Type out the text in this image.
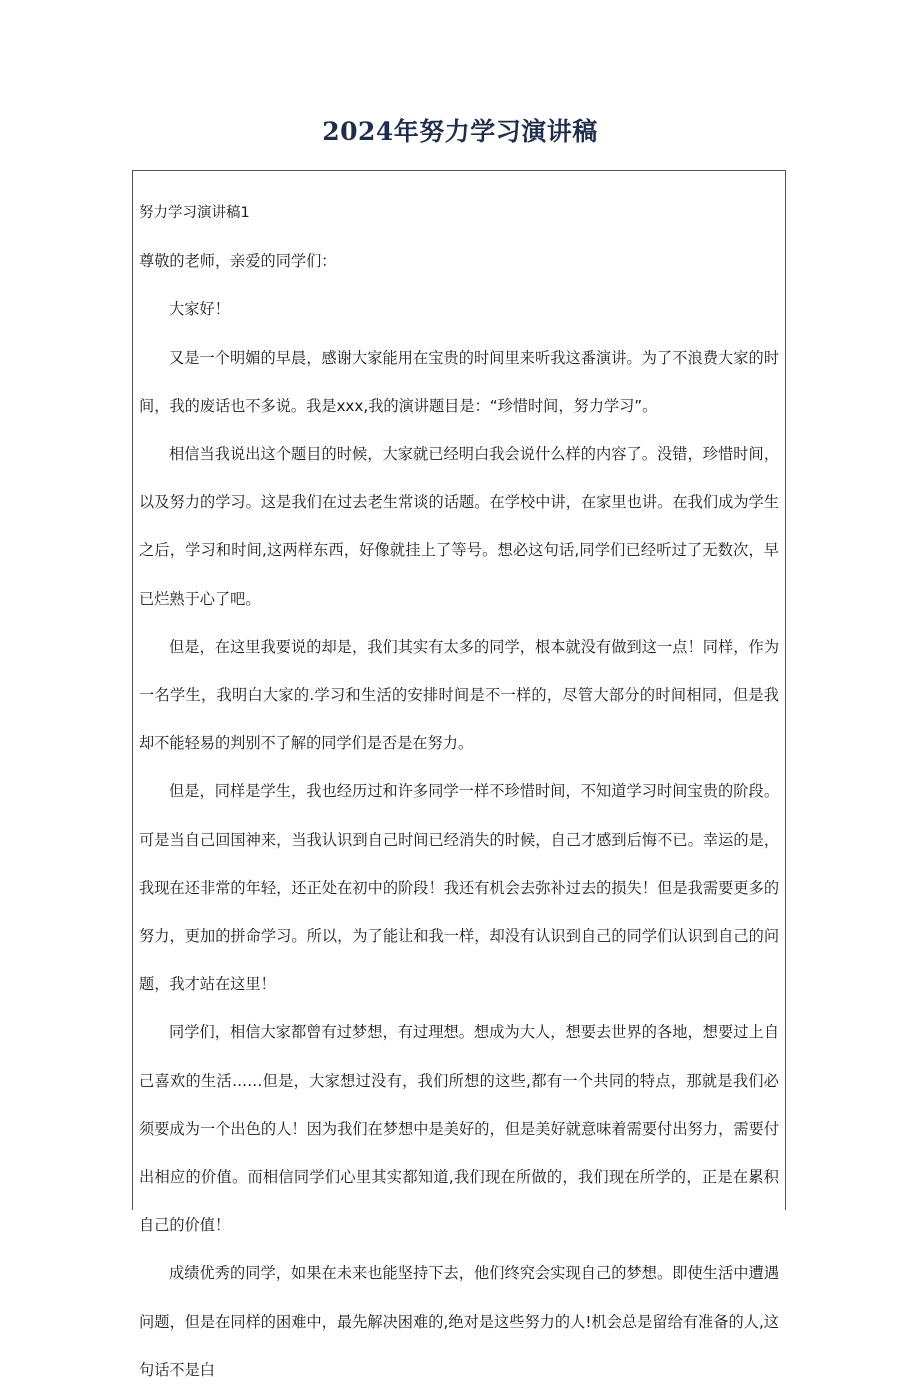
2024年努力学习演讲稿

努力学习演讲稿1

尊敬的老师，亲爱的同学们：

大家好！

又是一个明媚的早晨，感谢大家能用在宝贵的时间里来听我这番演讲。为了不浪费大家的时间，我的废话也不多说。我是xxx,我的演讲题目是：“珍惜时间，努力学习”。

相信当我说出这个题目的时候，大家就已经明白我会说什么样的内容了。没错，珍惜时间，以及努力的学习。这是我们在过去老生常谈的话题。在学校中讲，在家里也讲。在我们成为学生之后，学习和时间,这两样东西，好像就挂上了等号。想必这句话,同学们已经听过了无数次，早已烂熟于心了吧。

但是，在这里我要说的却是，我们其实有太多的同学，根本就没有做到这一点！同样，作为一名学生，我明白大家的.学习和生活的安排时间是不一样的，尽管大部分的时间相同，但是我却不能轻易的判别不了解的同学们是否是在努力。

但是，同样是学生，我也经历过和许多同学一样不珍惜时间，不知道学习时间宝贵的阶段。可是当自己回国神来，当我认识到自己时间已经消失的时候，自己才感到后悔不已。幸运的是，我现在还非常的年轻，还正处在初中的阶段！我还有机会去弥补过去的损失！但是我需要更多的努力，更加的拼命学习。所以，为了能让和我一样，却没有认识到自己的同学们认识到自己的问题，我才站在这里！

同学们，相信大家都曾有过梦想，有过理想。想成为大人，想要去世界的各地，想要过上自己喜欢的生活……但是，大家想过没有，我们所想的这些,都有一个共同的特点，那就是我们必须要成为一个出色的人！因为我们在梦想中是美好的，但是美好就意味着需要付出努力，需要付出相应的价值。而相信同学们心里其实都知道,我们现在所做的，我们现在所学的，正是在累积自己的价值！

成绩优秀的同学，如果在未来也能坚持下去，他们终究会实现自己的梦想。即使生活中遭遇问题，但是在同样的困难中，最先解决困难的,绝对是这些努力的人!机会总是留给有准备的人,这句话不是白
